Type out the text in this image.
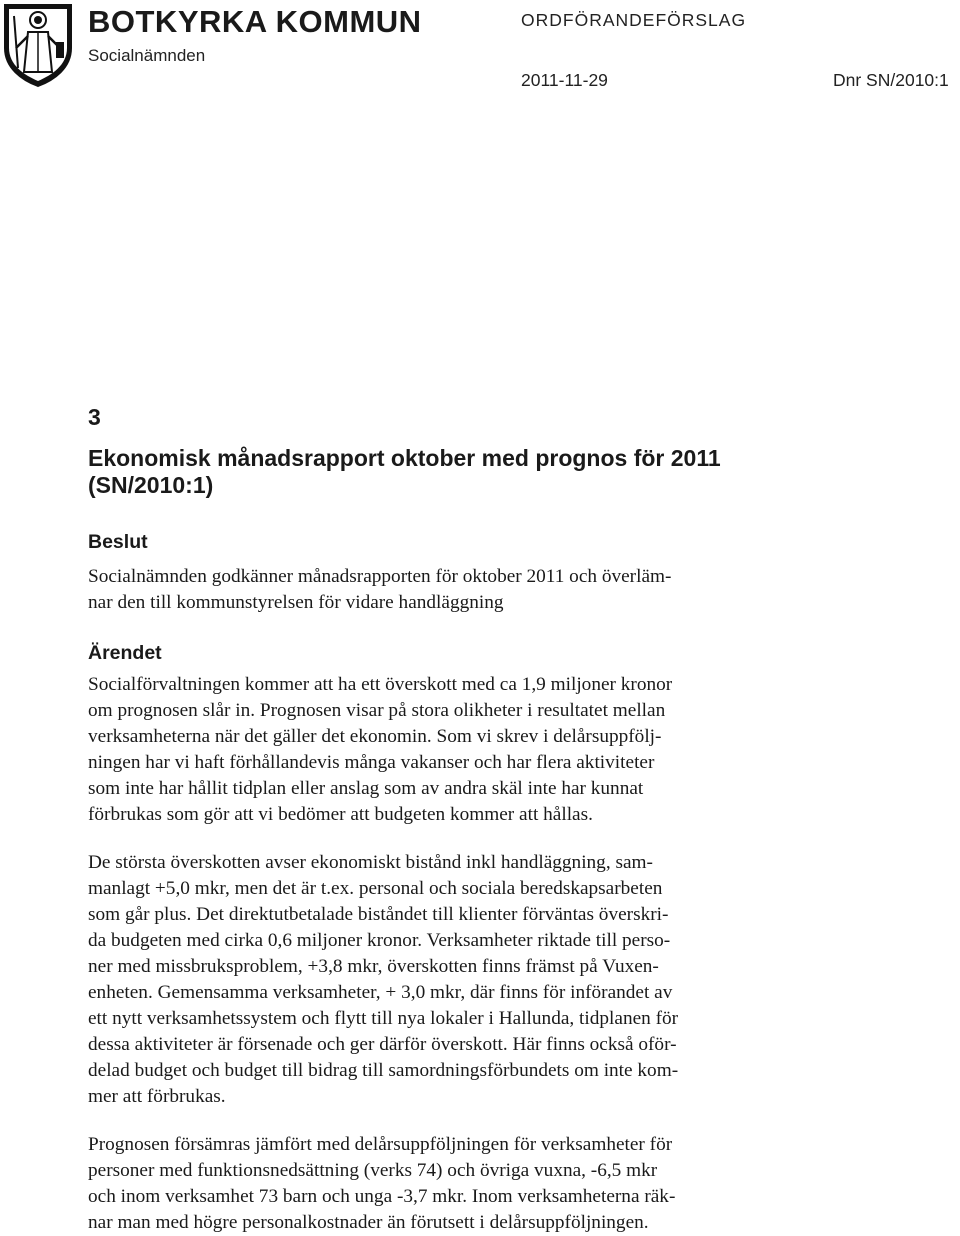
BOTKYRKA KOMMUN
Socialnämnden
ORDFÖRANDEFÖRSLAG
2011-11-29	Dnr SN/2010:1
3
Ekonomisk månadsrapport oktober med prognos för 2011
(SN/2010:1)
Beslut
Socialnämnden godkänner månadsrapporten för oktober 2011 och överläm-
nar den till kommunstyrelsen för vidare handläggning
Ärendet
Socialförvaltningen kommer att ha ett överskott med ca 1,9 miljoner kronor
om prognosen slår in. Prognosen visar på stora olikheter i resultatet mellan
verksamheterna när det gäller det ekonomin. Som vi skrev i delårsuppfölj-
ningen har vi haft förhållandevis många vakanser och har flera aktiviteter
som inte har hållit tidplan eller anslag som av andra skäl inte har kunnat
förbrukas som gör att vi bedömer att budgeten kommer att hållas.
De största överskotten avser ekonomiskt bistånd inkl handläggning, sam-
manlagt +5,0 mkr, men det är t.ex. personal och sociala beredskapsarbeten
som går plus. Det direktutbetalade biståndet till klienter förväntas överskri-
da budgeten med cirka 0,6 miljoner kronor. Verksamheter riktade till perso-
ner med missbruksproblem, +3,8 mkr, överskotten finns främst på Vuxen-
enheten. Gemensamma verksamheter, + 3,0 mkr, där finns för införandet av
ett nytt verksamhetssystem och flytt till nya lokaler i Hallunda, tidplanen för
dessa aktiviteter är försenade och ger därför överskott. Här finns också oför-
delad budget och budget till bidrag till samordningsförbundets om inte kom-
mer att förbrukas.
Prognosen försämras jämfört med delårsuppföljningen för verksamheter för
personer med funktionsnedsättning (verks 74) och övriga vuxna, -6,5 mkr
och inom verksamhet 73 barn och unga -3,7 mkr. Inom verksamheterna räk-
nar man med högre personalkostnader än förutsett i delårsuppföljningen.
